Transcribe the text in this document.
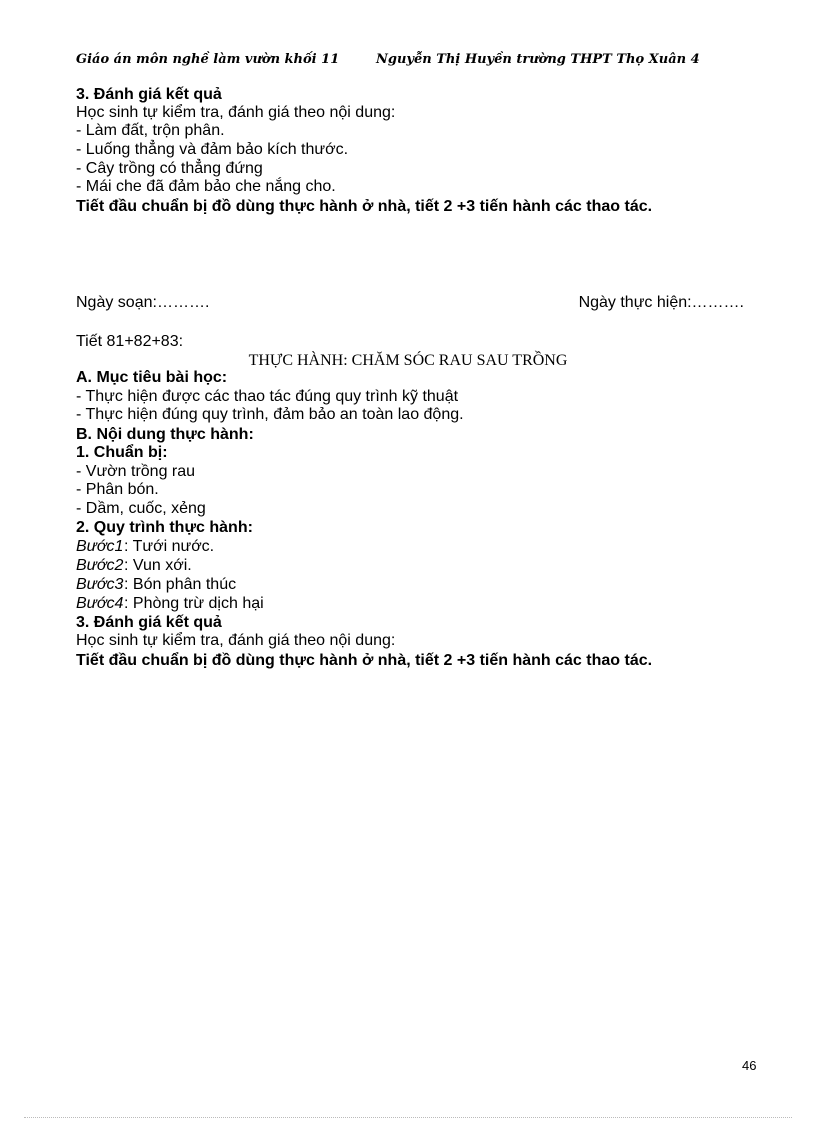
Giáo án môn nghề làm vườn khối 11	Nguyễn Thị Huyền trường THPT Thọ Xuân 4
3. Đánh giá kết quả
Học sinh tự kiểm tra, đánh giá theo nội dung:
- Làm đất, trộn phân.
- Luống thẳng và đảm bảo kích thước.
- Cây trồng có thẳng đứng
- Mái che đã đảm bảo che nắng cho.
Tiết đầu chuẩn bị đồ dùng thực hành ở nhà, tiết 2 +3 tiến hành các thao tác.
Ngày soạn:……….	Ngày thực hiện:……….
Tiết 81+82+83:
THỰC HÀNH: CHĂM SÓC RAU SAU TRỒNG
A. Mục tiêu bài học:
- Thực hiện được các thao tác đúng quy trình kỹ thuật
- Thực hiện đúng quy trình, đảm bảo an toàn lao động.
B. Nội dung thực hành:
1. Chuẩn bị:
- Vườn trồng rau
- Phân bón.
- Dầm, cuốc, xẻng
2. Quy trình thực hành:
Bước1: Tưới nước.
Bước2: Vun xới.
Bước3: Bón phân thúc
Bước4: Phòng trừ dịch hại
3. Đánh giá kết quả
Học sinh tự kiểm tra, đánh giá theo nội dung:
Tiết đầu chuẩn bị đồ dùng thực hành ở nhà, tiết 2 +3 tiến hành các thao tác.
46
